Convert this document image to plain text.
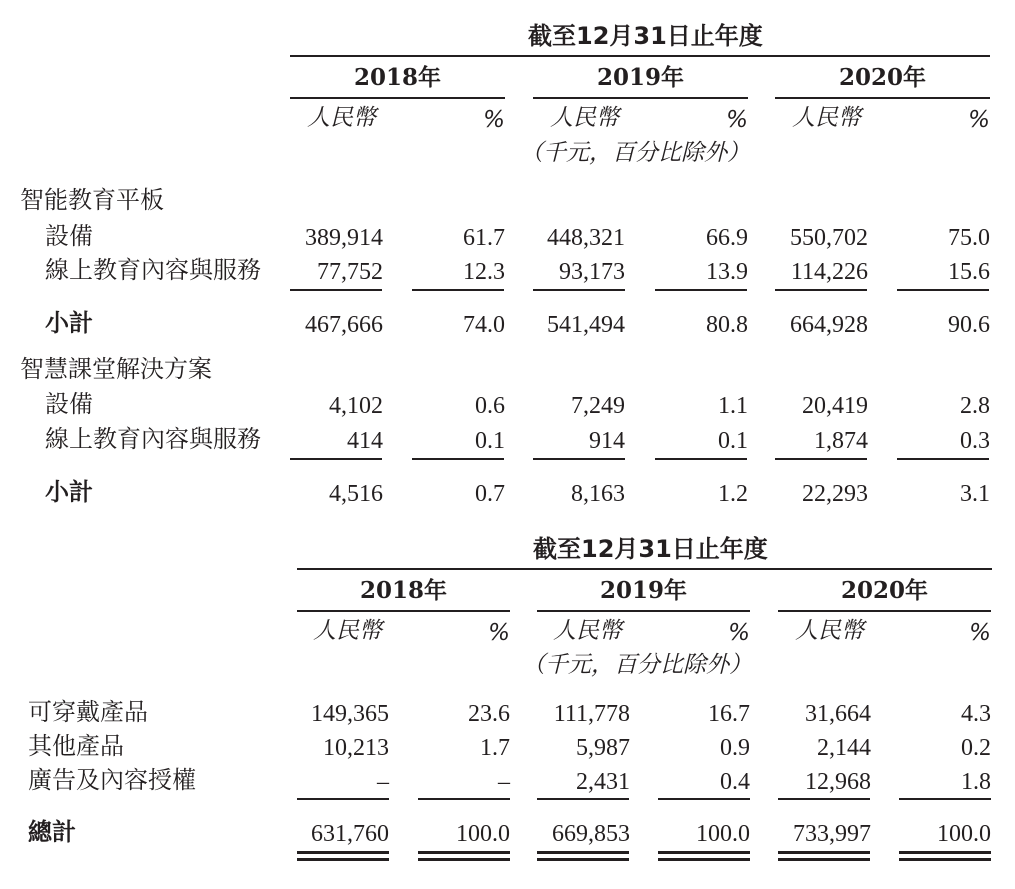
截至12月31日止年度
2018年	2019年	2020年
人民幣	% 人民幣	% 人民幣	%
（千元，百分比除外）
智能教育平板
設備	389,914	61.7	448,321	66.9	550,702	75.0
線上教育內容與服務	77,752	12.3	93,173	13.9	114,226	15.6
小計	467,666	74.0	541,494	80.8	664,928	90.6
智慧課堂解決方案
設備	4,102	0.6	7,249	1.1	20,419	2.8
線上教育內容與服務	414	0.1	914	0.1	1,874	0.3
小計	4,516	0.7	8,163	1.2	22,293	3.1
截至12月31日止年度
2018年	2019年	2020年
人民幣	% 人民幣	% 人民幣	%
（千元，百分比除外）
可穿戴產品	149,365	23.6	111,778	16.7	31,664	4.3
其他產品	10,213	1.7	5,987	0.9	2,144	0.2
廣告及內容授權	–	–	2,431	0.4	12,968	1.8
總計	631,760	100.0	669,853	100.0	733,997	100.0
